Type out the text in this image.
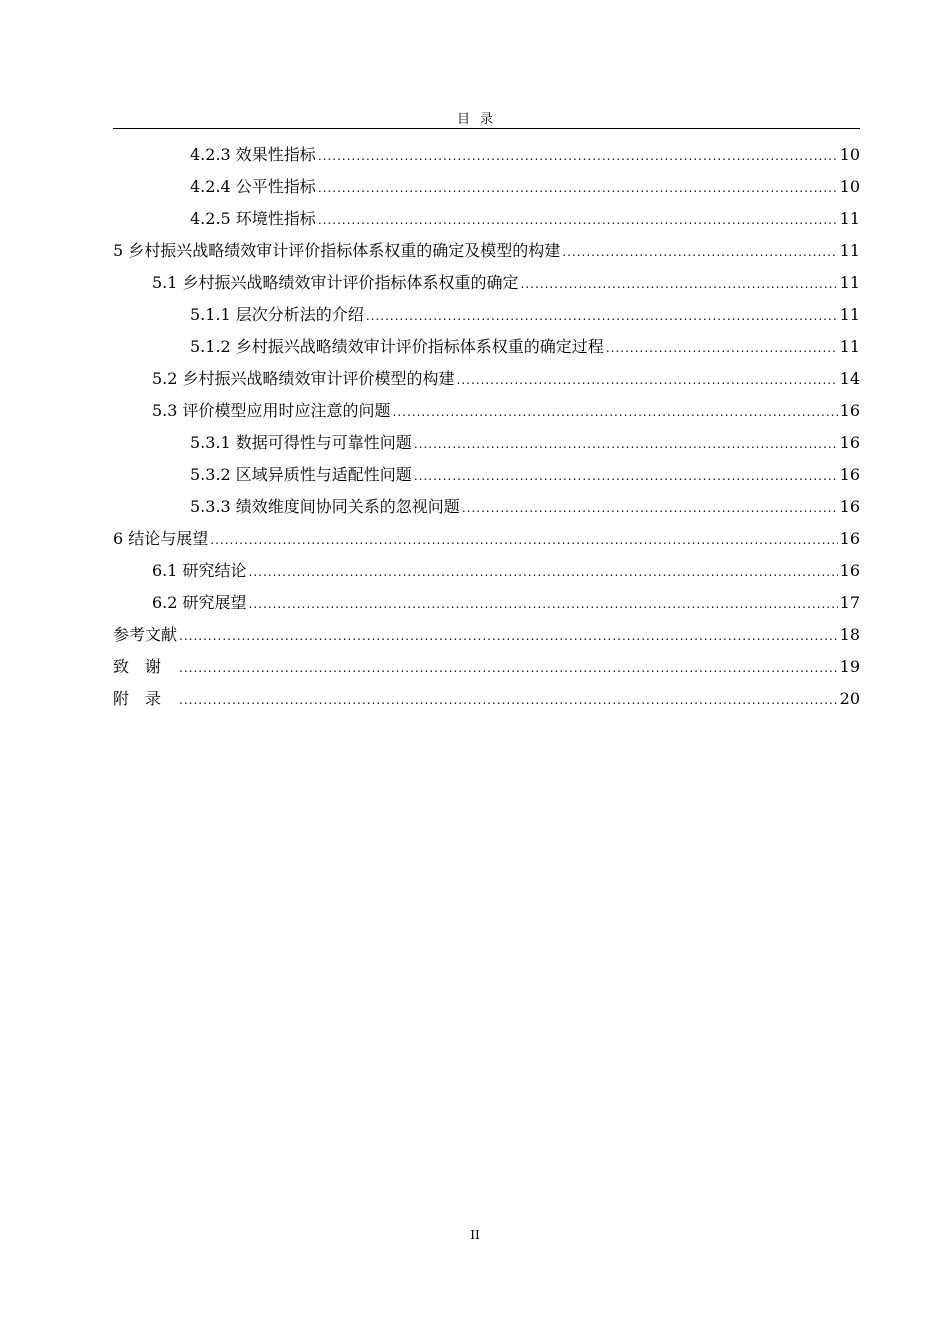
目录
4.2.3 效果性指标 .....	10
4.2.4 公平性指标 .....	10
4.2.5 环境性指标 .....	11
5 乡村振兴战略绩效审计评价指标体系权重的确定及模型的构建 .....	11
5.1 乡村振兴战略绩效审计评价指标体系权重的确定 .....	11
5.1.1 层次分析法的介绍 .....	11
5.1.2 乡村振兴战略绩效审计评价指标体系权重的确定过程 .....	11
5.2 乡村振兴战略绩效审计评价模型的构建 .....	14
5.3 评价模型应用时应注意的问题 .....	16
5.3.1 数据可得性与可靠性问题 .....	16
5.3.2 区域异质性与适配性问题 .....	16
5.3.3 绩效维度间协同关系的忽视问题 .....	16
6 结论与展望 .....	16
6.1 研究结论 .....	16
6.2 研究展望 .....	17
参考文献 .....	18
致谢 .....	19
附录 .....	20
II
